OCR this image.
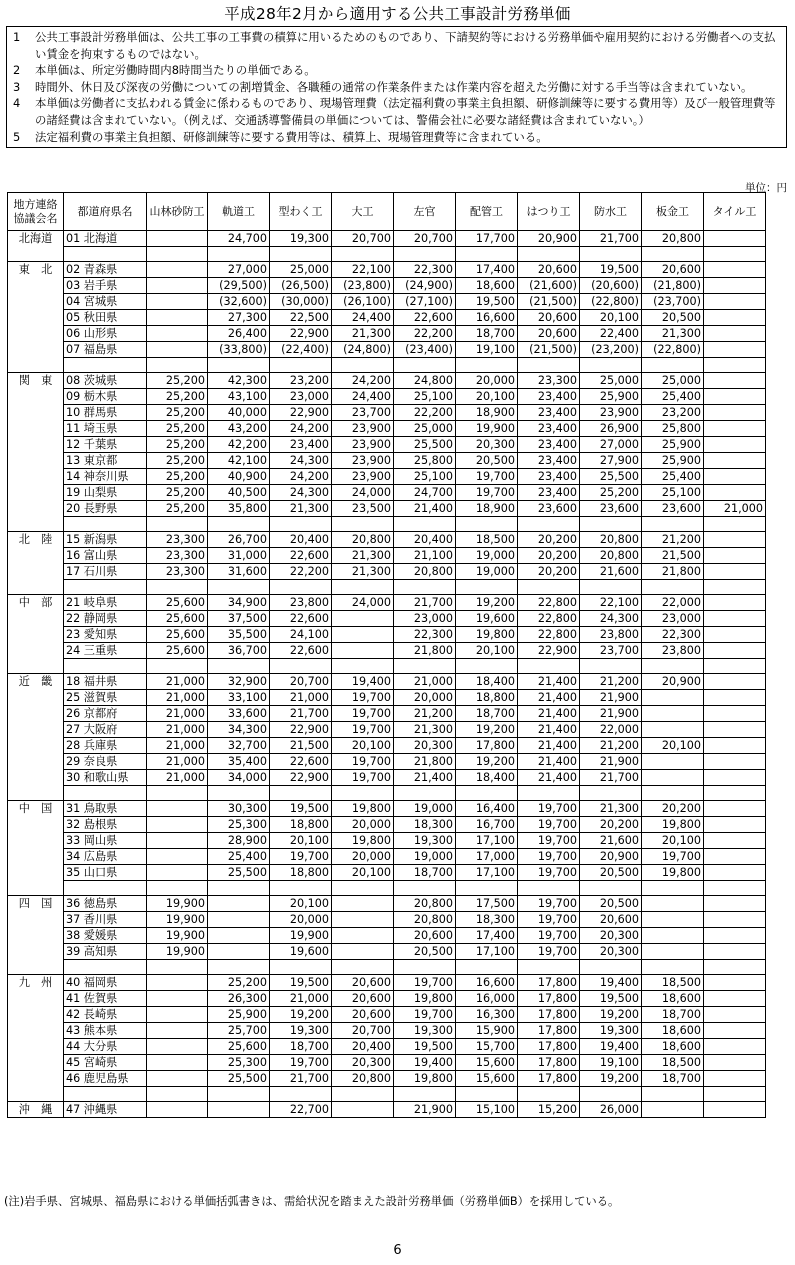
平成28年2月から適用する公共工事設計労務単価
1	公共工事設計労務単価は、公共工事の工事費の積算に用いるためのものであり、下請契約等における労務単価や雇用契約における労働者への支払い賃金を拘束するものではない。
2	本単価は、所定労働時間内8時間当たりの単価である。
3	時間外、休日及び深夜の労働についての割増賃金、各職種の通常の作業条件または作業内容を超えた労働に対する手当等は含まれていない。
4	本単価は労働者に支払われる賃金に係わるものであり、現場管理費（法定福利費の事業主負担額、研修訓練等に要する費用等）及び一般管理費等の諸経費は含まれていない。（例えば、交通誘導警備員の単価については、警備会社に必要な諸経費は含まれていない。）
5	法定福利費の事業主負担額、研修訓練等に要する費用等は、積算上、現場管理費等に含まれている。
単位：円
地方連絡協議会名	都道府県名	山林砂防工	軌道工	型わく工	大工	左官	配管工	はつり工	防水工	板金工	タイル工
北海道	01 北海道		24,700	19,300	20,700	20,700	17,700	20,900	21,700	20,800	

東　北	02 青森県		27,000	25,000	22,100	22,300	17,400	20,600	19,500	20,600	
	03 岩手県		(29,500)	(26,500)	(23,800)	(24,900)	18,600	(21,600)	(20,600)	(21,800)	
	04 宮城県		(32,600)	(30,000)	(26,100)	(27,100)	19,500	(21,500)	(22,800)	(23,700)	
	05 秋田県		27,300	22,500	24,400	22,600	16,600	20,600	20,100	20,500	
	06 山形県		26,400	22,900	21,300	22,200	18,700	20,600	22,400	21,300	
	07 福島県		(33,800)	(22,400)	(24,800)	(23,400)	19,100	(21,500)	(23,200)	(22,800)	

関　東	08 茨城県	25,200	42,300	23,200	24,200	24,800	20,000	23,300	25,000	25,000	
	09 栃木県	25,200	43,100	23,000	24,400	25,100	20,100	23,400	25,900	25,400	
	10 群馬県	25,200	40,000	22,900	23,700	22,200	18,900	23,400	23,900	23,200	
	11 埼玉県	25,200	43,200	24,200	23,900	25,000	19,900	23,400	26,900	25,800	
	12 千葉県	25,200	42,200	23,400	23,900	25,500	20,300	23,400	27,000	25,900	
	13 東京都	25,200	42,100	24,300	23,900	25,800	20,500	23,400	27,900	25,900	
	14 神奈川県	25,200	40,900	24,200	23,900	25,100	19,700	23,400	25,500	25,400	
	19 山梨県	25,200	40,500	24,300	24,000	24,700	19,700	23,400	25,200	25,100	
	20 長野県	25,200	35,800	21,300	23,500	21,400	18,900	23,600	23,600	23,600	21,000

北　陸	15 新潟県	23,300	26,700	20,400	20,800	20,400	18,500	20,200	20,800	21,200	
	16 富山県	23,300	31,000	22,600	21,300	21,100	19,000	20,200	20,800	21,500	
	17 石川県	23,300	31,600	22,200	21,300	20,800	19,000	20,200	21,600	21,800	

中　部	21 岐阜県	25,600	34,900	23,800	24,000	21,700	19,200	22,800	22,100	22,000	
	22 静岡県	25,600	37,500	22,600		23,000	19,600	22,800	24,300	23,000	
	23 愛知県	25,600	35,500	24,100		22,300	19,800	22,800	23,800	22,300	
	24 三重県	25,600	36,700	22,600		21,800	20,100	22,900	23,700	23,800	

近　畿	18 福井県	21,000	32,900	20,700	19,400	21,000	18,400	21,400	21,200	20,900	
	25 滋賀県	21,000	33,100	21,000	19,700	20,000	18,800	21,400	21,900		
	26 京都府	21,000	33,600	21,700	19,700	21,200	18,700	21,400	21,900		
	27 大阪府	21,000	34,300	22,900	19,700	21,300	19,200	21,400	22,000		
	28 兵庫県	21,000	32,700	21,500	20,100	20,300	17,800	21,400	21,200	20,100	
	29 奈良県	21,000	35,400	22,600	19,700	21,800	19,200	21,400	21,900		
	30 和歌山県	21,000	34,000	22,900	19,700	21,400	18,400	21,400	21,700		

中　国	31 鳥取県		30,300	19,500	19,800	19,000	16,400	19,700	21,300	20,200	
	32 島根県		25,300	18,800	20,000	18,300	16,700	19,700	20,200	19,800	
	33 岡山県		28,900	20,100	19,800	19,300	17,100	19,700	21,600	20,100	
	34 広島県		25,400	19,700	20,000	19,000	17,000	19,700	20,900	19,700	
	35 山口県		25,500	18,800	20,100	18,700	17,100	19,700	20,500	19,800	

四　国	36 徳島県	19,900		20,100		20,800	17,500	19,700	20,500		
	37 香川県	19,900		20,000		20,800	18,300	19,700	20,600		
	38 愛媛県	19,900		19,900		20,600	17,400	19,700	20,300		
	39 高知県	19,900		19,600		20,500	17,100	19,700	20,300		

九　州	40 福岡県		25,200	19,500	20,600	19,700	16,600	17,800	19,400	18,500	
	41 佐賀県		26,300	21,000	20,600	19,800	16,000	17,800	19,500	18,600	
	42 長崎県		25,900	19,200	20,600	19,700	16,300	17,800	19,200	18,700	
	43 熊本県		25,700	19,300	20,700	19,300	15,900	17,800	19,300	18,600	
	44 大分県		25,600	18,700	20,400	19,500	15,700	17,800	19,400	18,600	
	45 宮崎県		25,300	19,700	20,300	19,400	15,600	17,800	19,100	18,500	
	46 鹿児島県		25,500	21,700	20,800	19,800	15,600	17,800	19,200	18,700	

沖　縄	47 沖縄県			22,700		21,900	15,100	15,200	26,000		
(注)岩手県、宮城県、福島県における単価括弧書きは、需給状況を踏まえた設計労務単価（労務単価B）を採用している。
6
